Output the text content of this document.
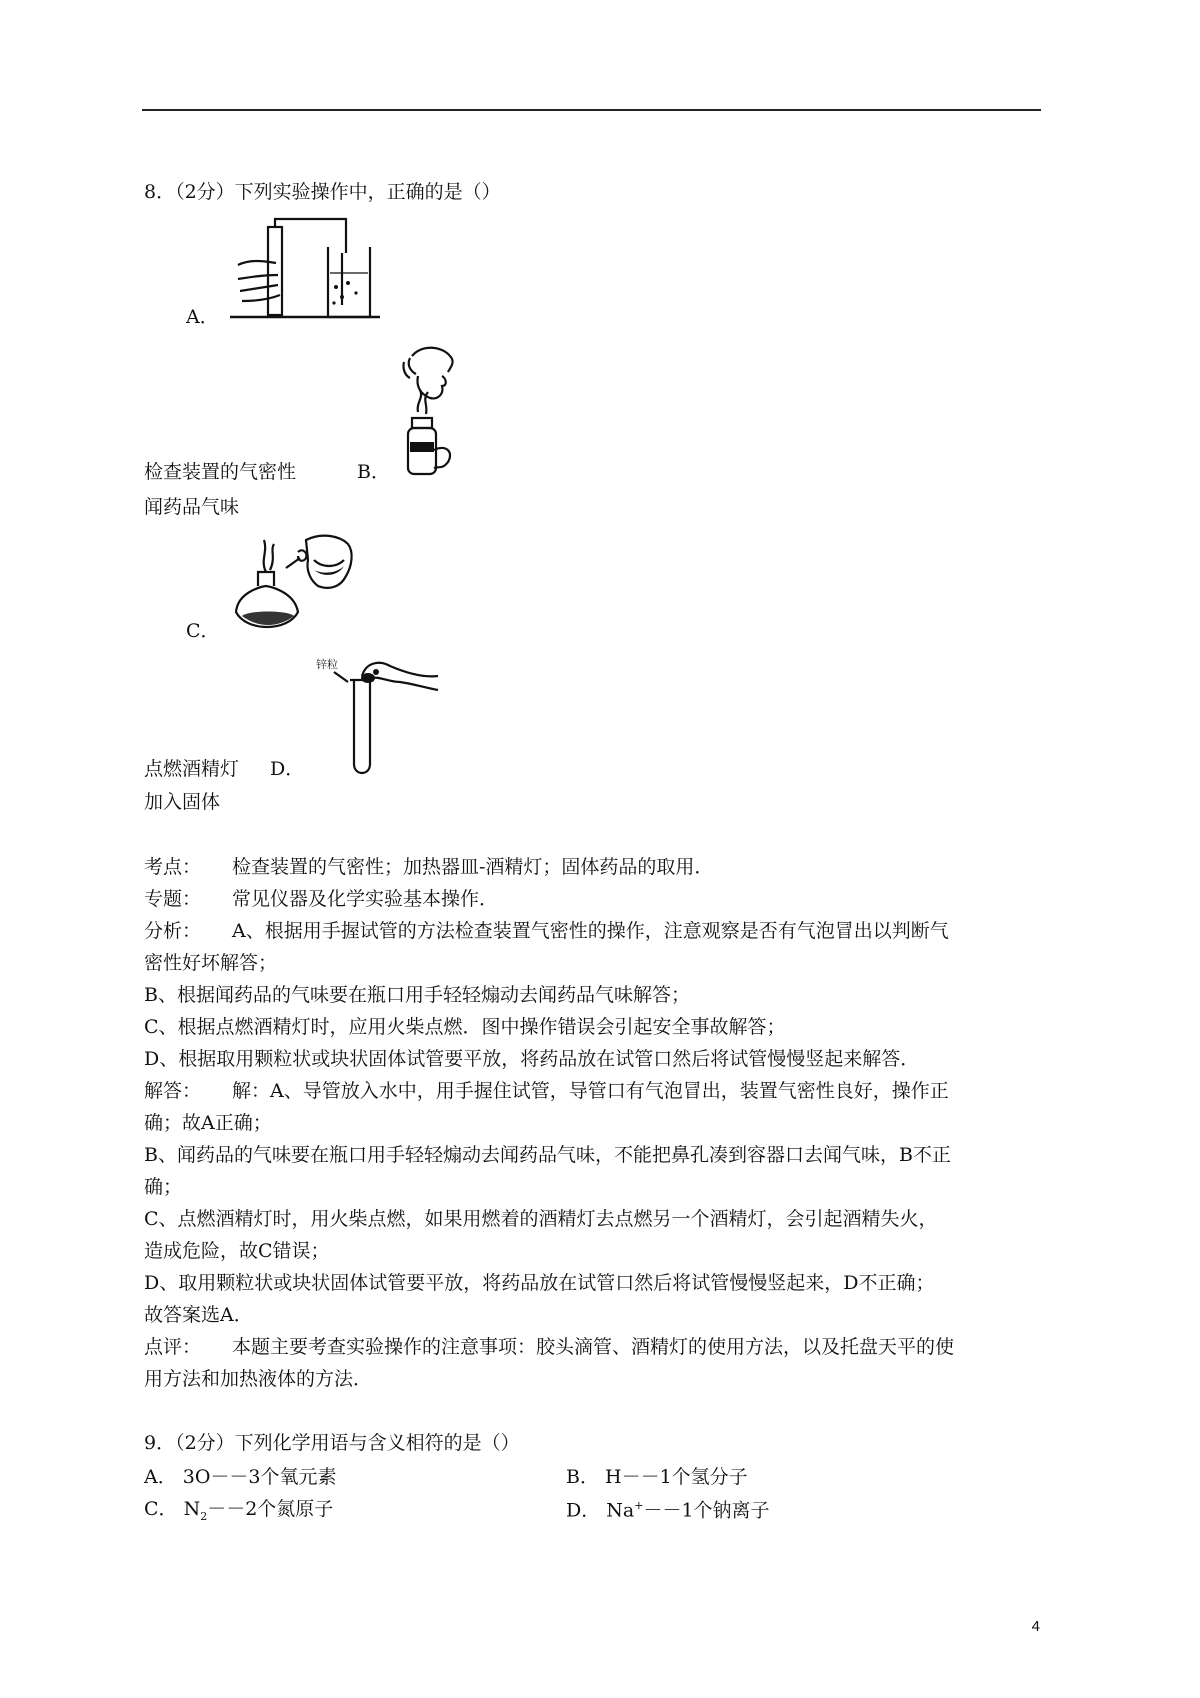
8．（2分）下列实验操作中，正确的是（）
A．
检查装置的气密性	B．
闻药品气味
C．
锌粒
点燃酒精灯 D．
加入固体
考点： 检查装置的气密性；加热器皿-酒精灯；固体药品的取用．
专题： 常见仪器及化学实验基本操作．
分析： A、根据用手握试管的方法检查装置气密性的操作，注意观察是否有气泡冒出以判断气
密性好坏解答；
B、根据闻药品的气味要在瓶口用手轻轻煽动去闻药品气味解答；
C、根据点燃酒精灯时，应用火柴点燃．图中操作错误会引起安全事故解答；
D、根据取用颗粒状或块状固体试管要平放，将药品放在试管口然后将试管慢慢竖起来解答．
解答： 解：A、导管放入水中，用手握住试管，导管口有气泡冒出，装置气密性良好，操作正
确；故A正确；
B、闻药品的气味要在瓶口用手轻轻煽动去闻药品气味，不能把鼻孔凑到容器口去闻气味，B不正
确；
C、点燃酒精灯时，用火柴点燃，如果用燃着的酒精灯去点燃另一个酒精灯，会引起酒精失火，
造成危险，故C错误；
D、取用颗粒状或块状固体试管要平放，将药品放在试管口然后将试管慢慢竖起来，D不正确；
故答案选A．
点评： 本题主要考查实验操作的注意事项：胶头滴管、酒精灯的使用方法，以及托盘天平的使
用方法和加热液体的方法．
9．（2分）下列化学用语与含义相符的是（）
A． 3O－－3个氧元素	B． H－－1个氢分子
C． $N_2--2$个氮原子	D． Na+－－1个钠离子
4
